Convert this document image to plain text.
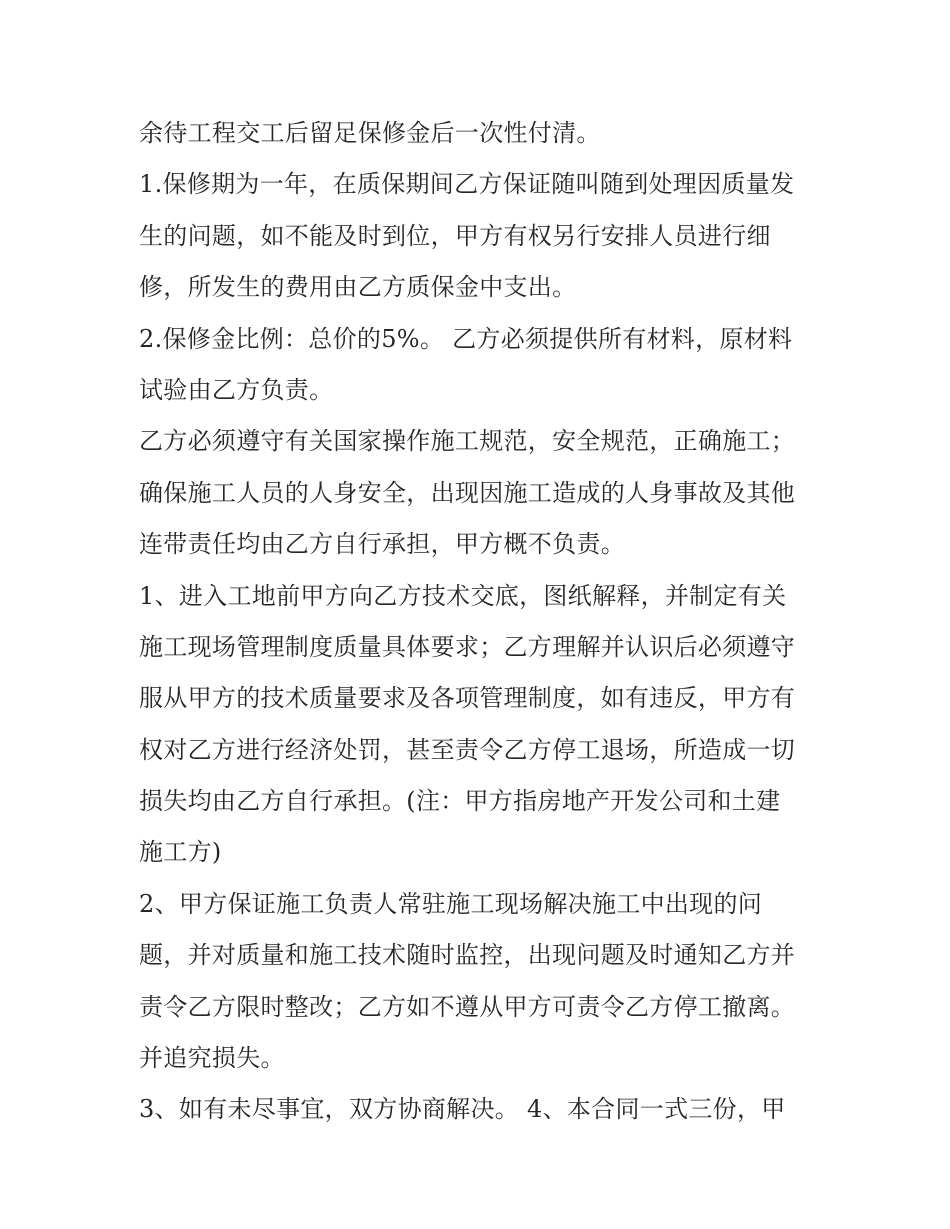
余待工程交工后留足保修金后一次性付清。
1.保修期为一年，在质保期间乙方保证随叫随到处理因质量发
生的问题，如不能及时到位，甲方有权另行安排人员进行细
修，所发生的费用由乙方质保金中支出。
2.保修金比例：总价的5%。 乙方必须提供所有材料，原材料
试验由乙方负责。
乙方必须遵守有关国家操作施工规范，安全规范，正确施工；
确保施工人员的人身安全，出现因施工造成的人身事故及其他
连带责任均由乙方自行承担，甲方概不负责。
1、进入工地前甲方向乙方技术交底，图纸解释，并制定有关
施工现场管理制度质量具体要求；乙方理解并认识后必须遵守
服从甲方的技术质量要求及各项管理制度，如有违反，甲方有
权对乙方进行经济处罚，甚至责令乙方停工退场，所造成一切
损失均由乙方自行承担。(注：甲方指房地产开发公司和土建
施工方)
2、甲方保证施工负责人常驻施工现场解决施工中出现的问
题，并对质量和施工技术随时监控，出现问题及时通知乙方并
责令乙方限时整改；乙方如不遵从甲方可责令乙方停工撤离。
并追究损失。
3、如有未尽事宜，双方协商解决。 4、本合同一式三份，甲
